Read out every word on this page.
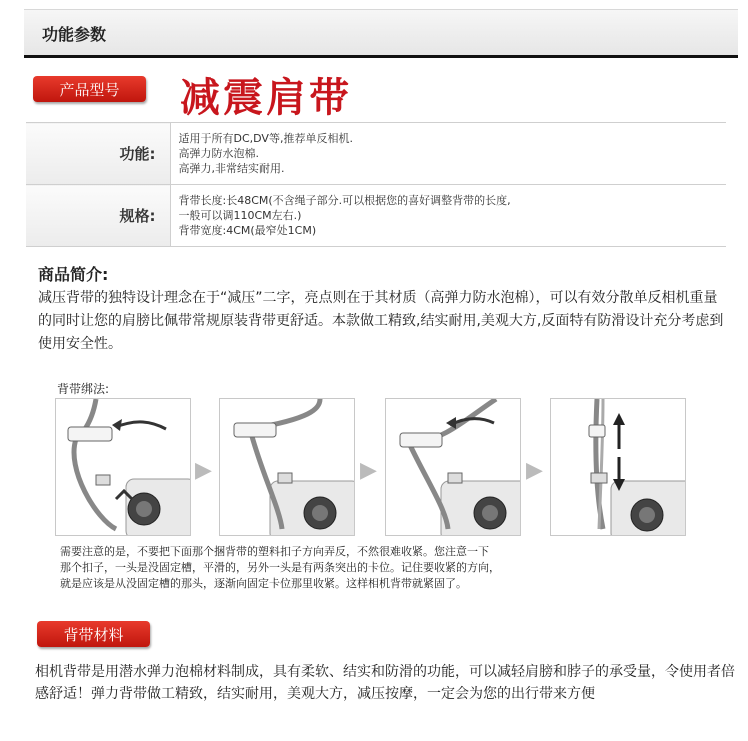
功能参数
产品型号	减震肩带
功能:	适用于所有DC,DV等,推荐单反相机.
高弹力防水泡棉.
高弹力,非常结实耐用.

规格:	背带长度:长48CM(不含绳子部分.可以根据您的喜好调整背带的长度,
一般可以调110CM左右.)
背带宽度:4CM(最窄处1CM)
商品简介:
减压背带的独特设计理念在于“减压”二字，亮点则在于其材质（高弹力防水泡棉），可以有效分散单反相机重量的同时让您的肩膀比佩带常规原装背带更舒适。本款做工精致,结实耐用,美观大方,反面特有防滑设计充分考虑到使用安全性。
背带绑法:
▶	▶	▶
需要注意的是，不要把下面那个捆背带的塑料扣子方向弄反，不然很难收紧。您注意一下
那个扣子，一头是没固定槽，平滑的，另外一头是有两条突出的卡位。记住要收紧的方向，
就是应该是从没固定槽的那头，逐渐向固定卡位那里收紧。这样相机背带就紧固了。
背带材料
相机背带是用潜水弹力泡棉材料制成，具有柔软、结实和防滑的功能，可以减轻肩膀和脖子的承受量，令使用者倍感舒适！弹力背带做工精致，结实耐用，美观大方，减压按摩，一定会为您的出行带来方便
